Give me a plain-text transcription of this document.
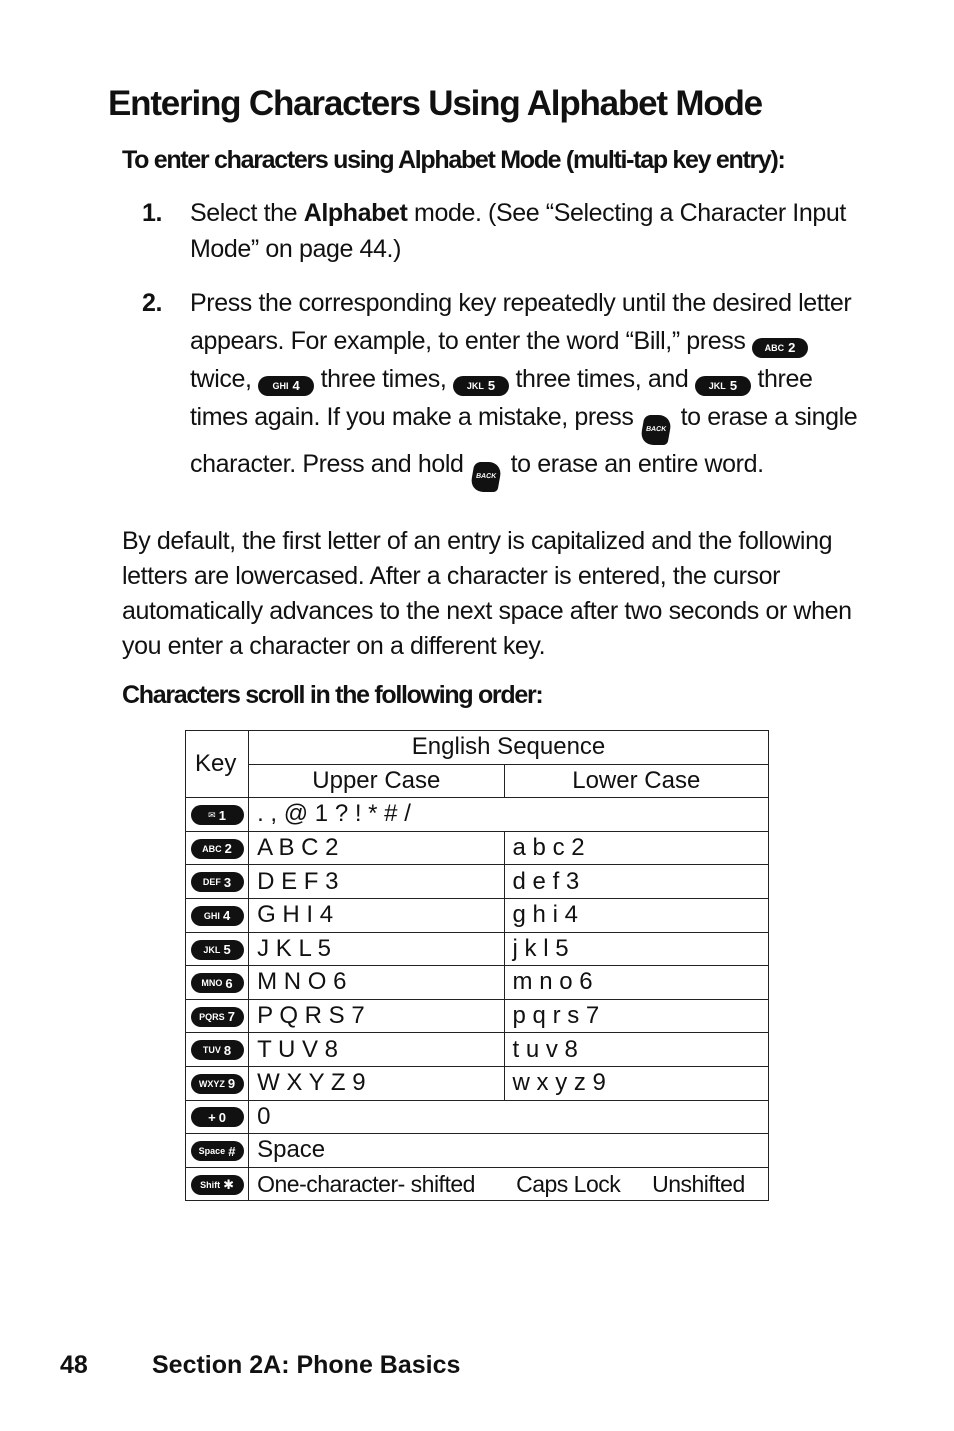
Entering Characters Using Alphabet Mode
To enter characters using Alphabet Mode (multi-tap key entry):
1. Select the Alphabet mode. (See “Selecting a Character Input Mode” on page 44.)
2. Press the corresponding key repeatedly until the desired letter appears. For example, to enter the word “Bill,” press ABC 2
twice, GHI 4 three times, JKL 5 three times, and JKL 5 three times again. If you make a mistake, press BACK to erase a single character. Press and hold BACK to erase an entire word.
By default, the first letter of an entry is capitalized and the following letters are lowercased. After a character is entered, the cursor automatically advances to the next space after two seconds or when you enter a character on a different key.
Characters scroll in the following order:
Key	English Sequence	
	Upper Case	Lower Case

✉ 1	. , @ 1 ? ! * # /	

ABC 2	A B C 2	a b c 2

DEF 3	D E F 3	d e f 3

GHI 4	G H I 4	g h i 4

JKL 5	J K L 5	j k l 5

MNO 6	M N O 6	m n o 6

PQRS 7	P Q R S 7	p q r s 7

TUV 8	T U V 8	t u v 8

WXYZ 9	W X Y Z 9	w x y z 9

+ 0	0	

Space #	Space	

Shift ✱	One-character- shifted Caps Lock Unshifted	
48	Section 2A: Phone Basics
